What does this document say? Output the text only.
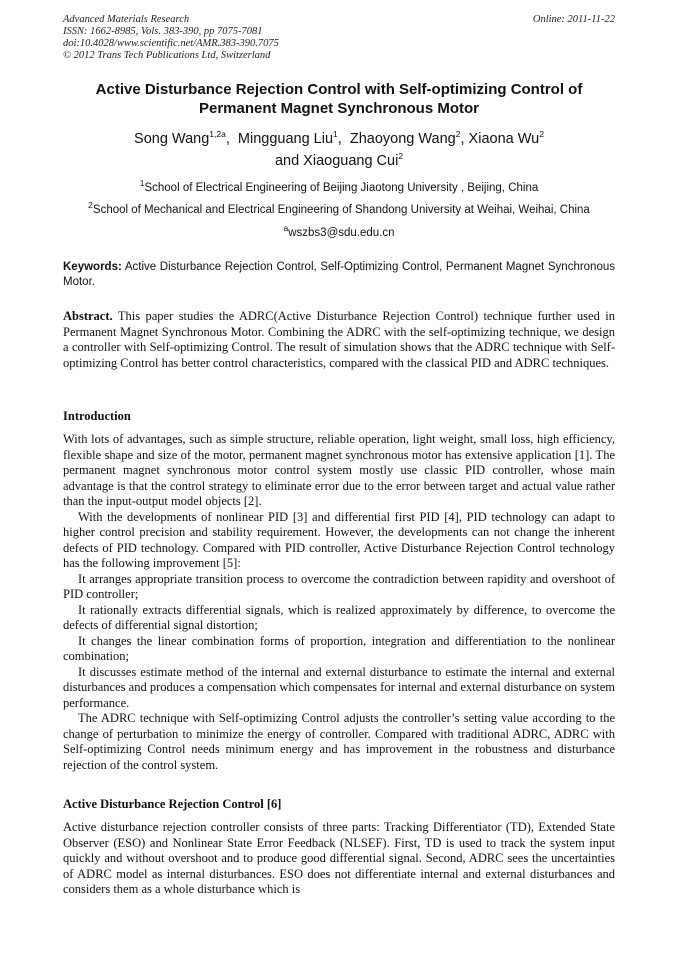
Advanced Materials Research
ISSN: 1662-8985, Vols. 383-390, pp 7075-7081
doi:10.4028/www.scientific.net/AMR.383-390.7075
© 2012 Trans Tech Publications Ltd, Switzerland
Online: 2011-11-22
Active Disturbance Rejection Control with Self-optimizing Control of
Permanent Magnet Synchronous Motor
Song Wang$^{1,2a}$,  Mingguang Liu$^1$,  Zhaoyong Wang$^2$, Xiaona Wu$^2$
and Xiaoguang Cui$^2$
$^1$School of Electrical Engineering of Beijing Jiaotong University , Beijing, China
$^2$School of Mechanical and Electrical Engineering of Shandong University at Weihai, Weihai, China
$^a$wszbs3@sdu.edu.cn
Keywords: Active Disturbance Rejection Control, Self-Optimizing Control, Permanent Magnet Synchronous Motor.

Abstract. This paper studies the ADRC(Active Disturbance Rejection Control) technique further used in Permanent Magnet Synchronous Motor. Combining the ADRC with the self-optimizing technique, we design a controller with Self-optimizing Control. The result of simulation shows that the ADRC technique with Self-optimizing Control has better control characteristics, compared with the classical PID and ADRC techniques.

Introduction

With lots of advantages, such as simple structure, reliable operation, light weight, small loss, high efficiency, flexible shape and size of the motor, permanent magnet synchronous motor has extensive application [1]. The permanent magnet synchronous motor control system mostly use classic PID controller, whose main advantage is that the control strategy to eliminate error due to the error between target and actual value rather than the input-output model objects [2].

With the developments of nonlinear PID [3] and differential first PID [4], PID technology can adapt to higher control precision and stability requirement. However, the developments can not change the inherent defects of PID technology. Compared with PID controller, Active Disturbance Rejection Control technology has the following improvement [5]:

It arranges appropriate transition process to overcome the contradiction between rapidity and overshoot of PID controller;

It rationally extracts differential signals, which is realized approximately by difference, to overcome the defects of differential signal distortion;

It changes the linear combination forms of proportion, integration and differentiation to the nonlinear combination;

It discusses estimate method of the internal and external disturbance to estimate the internal and external disturbances and produces a compensation which compensates for internal and external disturbance on system performance.

The ADRC technique with Self-optimizing Control adjusts the controller’s setting value according to the change of perturbation to minimize the energy of controller. Compared with traditional ADRC, ADRC with Self-optimizing Control needs minimum energy and has improvement in the robustness and disturbance rejection of the control system.

Active Disturbance Rejection Control [6]

Active disturbance rejection controller consists of three parts: Tracking Differentiator (TD), Extended State Observer (ESO) and Nonlinear State Error Feedback (NLSEF). First, TD is used to track the system input quickly and without overshoot and to produce good differential signal. Second, ADRC sees the uncertainties of ADRC model as internal disturbances. ESO does not differentiate internal and external disturbances and considers them as a whole disturbance which is
